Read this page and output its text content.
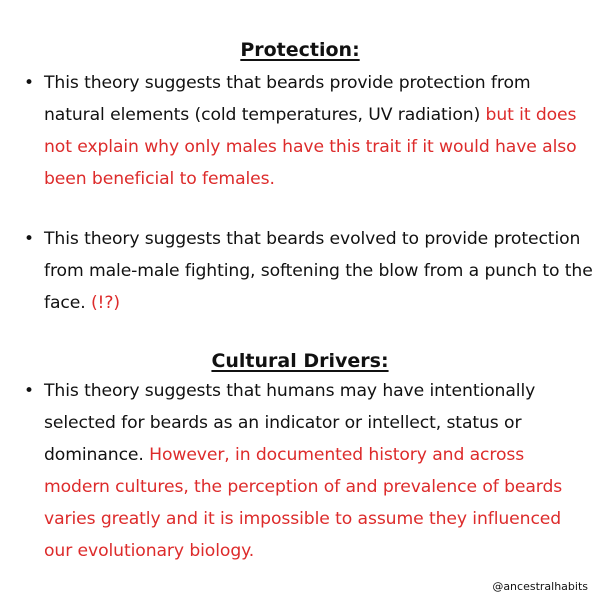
Protection:
• This theory suggests that beards provide protection from natural elements (cold temperatures, UV radiation) but it does not explain why only males have this trait if it would have also been beneficial to females.
• This theory suggests that beards evolved to provide protection from male-male fighting, softening the blow from a punch to the face. (!?)
Cultural Drivers:
• This theory suggests that humans may have intentionally selected for beards as an indicator or intellect, status or dominance. However, in documented history and across modern cultures, the perception of and prevalence of beards varies greatly and it is impossible to assume they influenced our evolutionary biology.
@ancestralhabits
